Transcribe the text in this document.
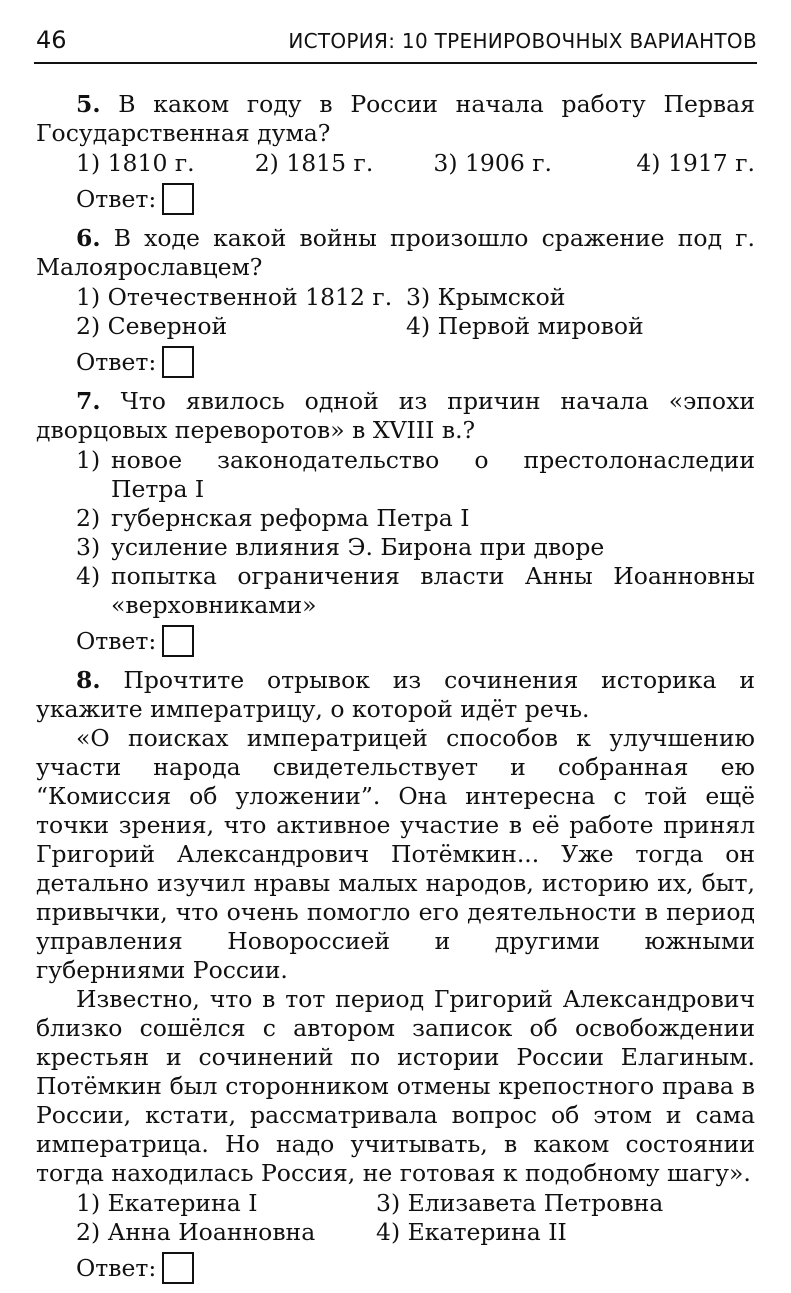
46	ИСТОРИЯ: 10 ТРЕНИРОВОЧНЫХ ВАРИАНТОВ
5. В каком году в России начала работу Первая Государственная дума?
1) 1810 г.	2) 1815 г.	3) 1906 г.	4) 1917 г.
Ответ:
6. В ходе какой войны произошло сражение под г. Малоярославцем?
1) Отечественной 1812 г. 3) Крымской
2) Северной	4) Первой мировой
Ответ:
7. Что явилось одной из причин начала «эпохи дворцовых переворотов» в XVIII в.?
1) новое законодательство о престолонаследии Петра I
2) губернская реформа Петра I
3) усиление влияния Э. Бирона при дворе
4) попытка ограничения власти Анны Иоанновны «верховниками»
Ответ:
8. Прочтите отрывок из сочинения историка и укажите императрицу, о которой идёт речь.

«О поисках императрицей способов к улучшению участи народа свидетельствует и собранная ею “Комиссия об уложении”. Она интересна с той ещё точки зрения, что активное участие в её работе принял Григорий Александрович Потёмкин... Уже тогда он детально изучил нравы малых народов, историю их, быт, привычки, что очень помогло его деятельности в период управления Новороссией и другими южными губерниями России.

Известно, что в тот период Григорий Александрович близко сошёлся с автором записок об освобождении крестьян и сочинений по истории России Елагиным. Потёмкин был сторонником отмены крепостного права в России, кстати, рассматривала вопрос об этом и сама императрица. Но надо учитывать, в каком состоянии тогда находилась Россия, не готовая к подобному шагу».

1) Екатерина I	3) Елизавета Петровна
2) Анна Иоанновна	4) Екатерина II
Ответ:
